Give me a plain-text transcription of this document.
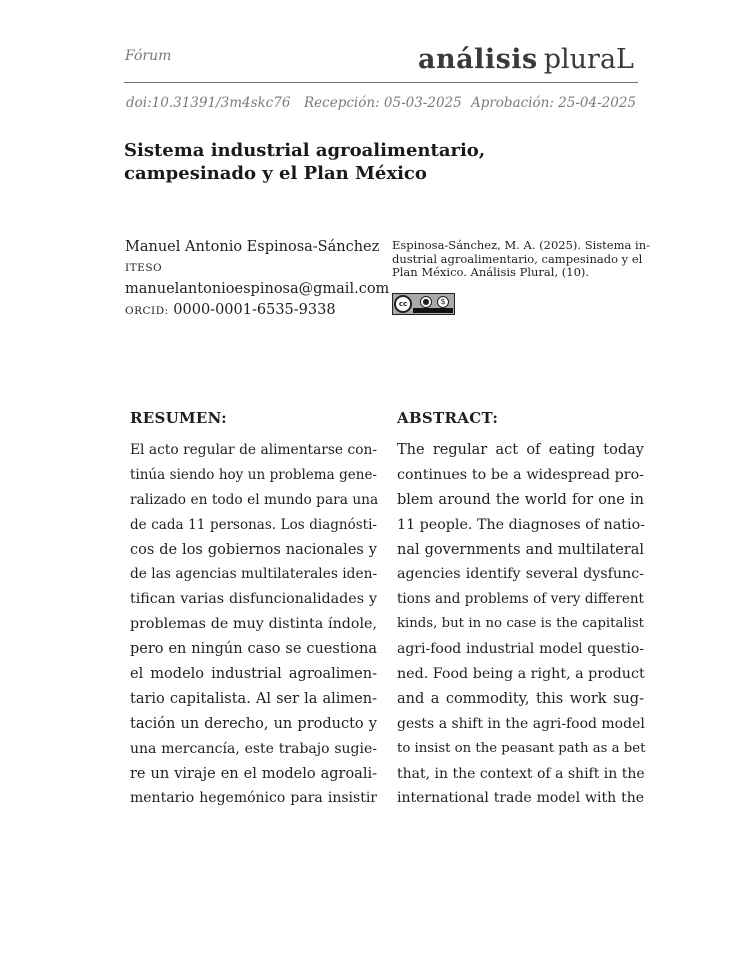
Fórum	análisis pluraL
doi:10.31391/3m4skc76 Recepción: 05-03-2025 Aprobación: 25-04-2025
Sistema industrial agroalimentario,
campesinado y el Plan México
Manuel Antonio Espinosa-Sánchez
ITESO
manuelantonioespinosa@gmail.com
ORCID: 0000-0001-6535-9338
Espinosa-Sánchez, M. A. (2025). Sistema in-
dustrial agroalimentario, campesinado y el
Plan México. Análisis Plural, (10).
cc	●	$
RESUMEN:
El acto regular de alimentarse con-
tinúa siendo hoy un problema gene-
ralizado en todo el mundo para una
de cada 11 personas. Los diagnósti-
cos de los gobiernos nacionales y
de las agencias multilaterales iden-
tifican varias disfuncionalidades y
problemas de muy distinta índole,
pero en ningún caso se cuestiona
el modelo industrial agroalimen-
tario capitalista. Al ser la alimen-
tación un derecho, un producto y
una mercancía, este trabajo sugie-
re un viraje en el modelo agroali-
mentario hegemónico para insistir
ABSTRACT:
The regular act of eating today
continues to be a widespread pro-
blem around the world for one in
11 people. The diagnoses of natio-
nal governments and multilateral
agencies identify several dysfunc-
tions and problems of very different
kinds, but in no case is the capitalist
agri-food industrial model questio-
ned. Food being a right, a product
and a commodity, this work sug-
gests a shift in the agri-food model
to insist on the peasant path as a bet
that, in the context of a shift in the
international trade model with the
